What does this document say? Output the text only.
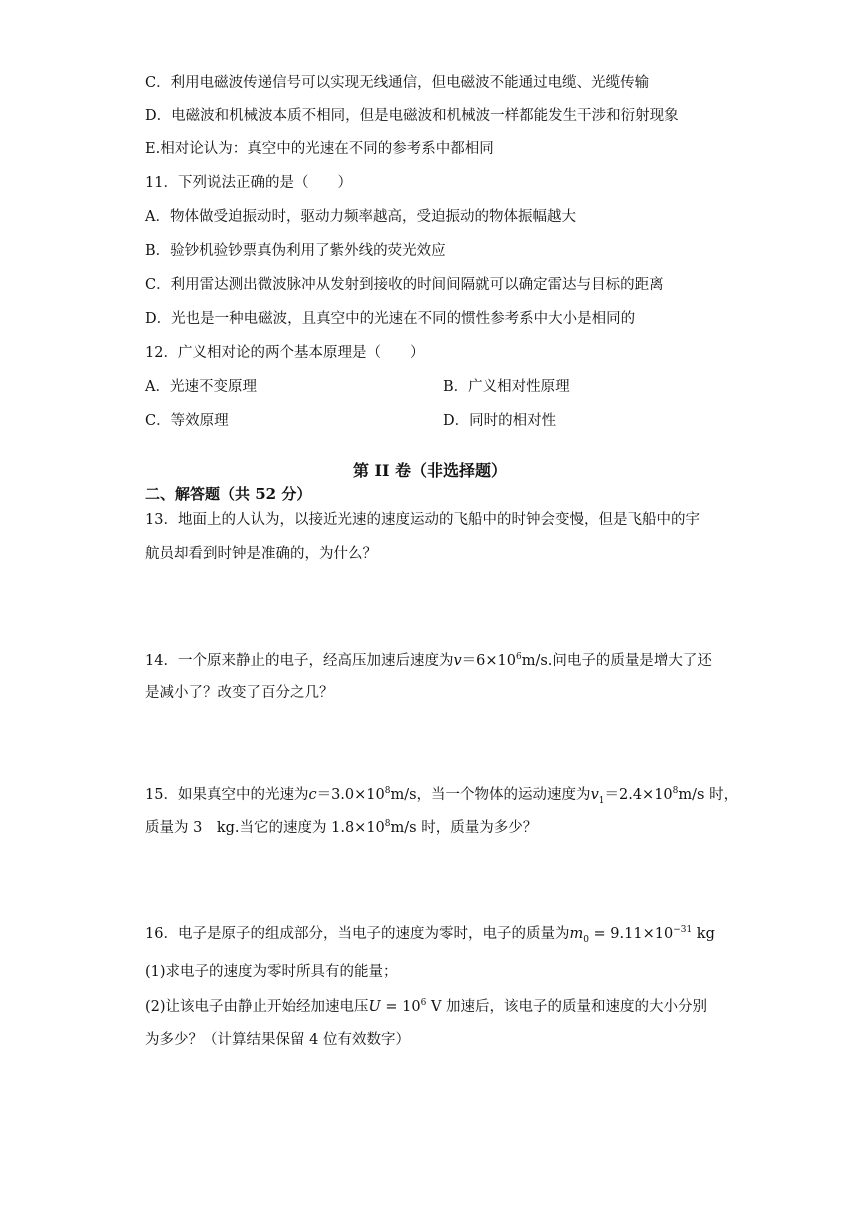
C．利用电磁波传递信号可以实现无线通信，但电磁波不能通过电缆、光缆传输
D．电磁波和机械波本质不相同，但是电磁波和机械波一样都能发生干涉和衍射现象
E.相对论认为：真空中的光速在不同的参考系中都相同
11．下列说法正确的是（　　）
A．物体做受迫振动时，驱动力频率越高，受迫振动的物体振幅越大
B．验钞机验钞票真伪利用了紫外线的荧光效应
C．利用雷达测出微波脉冲从发射到接收的时间间隔就可以确定雷达与目标的距离
D．光也是一种电磁波，且真空中的光速在不同的惯性参考系中大小是相同的
12．广义相对论的两个基本原理是（　　）
A．光速不变原理	B．广义相对性原理
C．等效原理	D．同时的相对性
第 II 卷（非选择题）
二、解答题（共 52 分）
13．地面上的人认为，以接近光速的速度运动的飞船中的时钟会变慢，但是飞船中的宇
航员却看到时钟是准确的，为什么？
14．一个原来静止的电子，经高压加速后速度为$v=6\times 10^6m/s$.问电子的质量是增大了还
是减小了？改变了百分之几？
15．如果真空中的光速为$c=3.0\times 10^8m/s$，当一个物体的运动速度为$v_1=2.4\times 10^8m/s$ 时，
质量为 3　kg.当它的速度为 $1.8\times 10^8m/s$ 时，质量为多少？
16．电子是原子的组成部分，当电子的速度为零时，电子的质量为$m_0 = 9.11\times 10^{-31}$ kg
(1)求电子的速度为零时所具有的能量；
(2)让该电子由静止开始经加速电压$U = 10^6$ V 加速后，该电子的质量和速度的大小分别
为多少？（计算结果保留 4 位有效数字）
